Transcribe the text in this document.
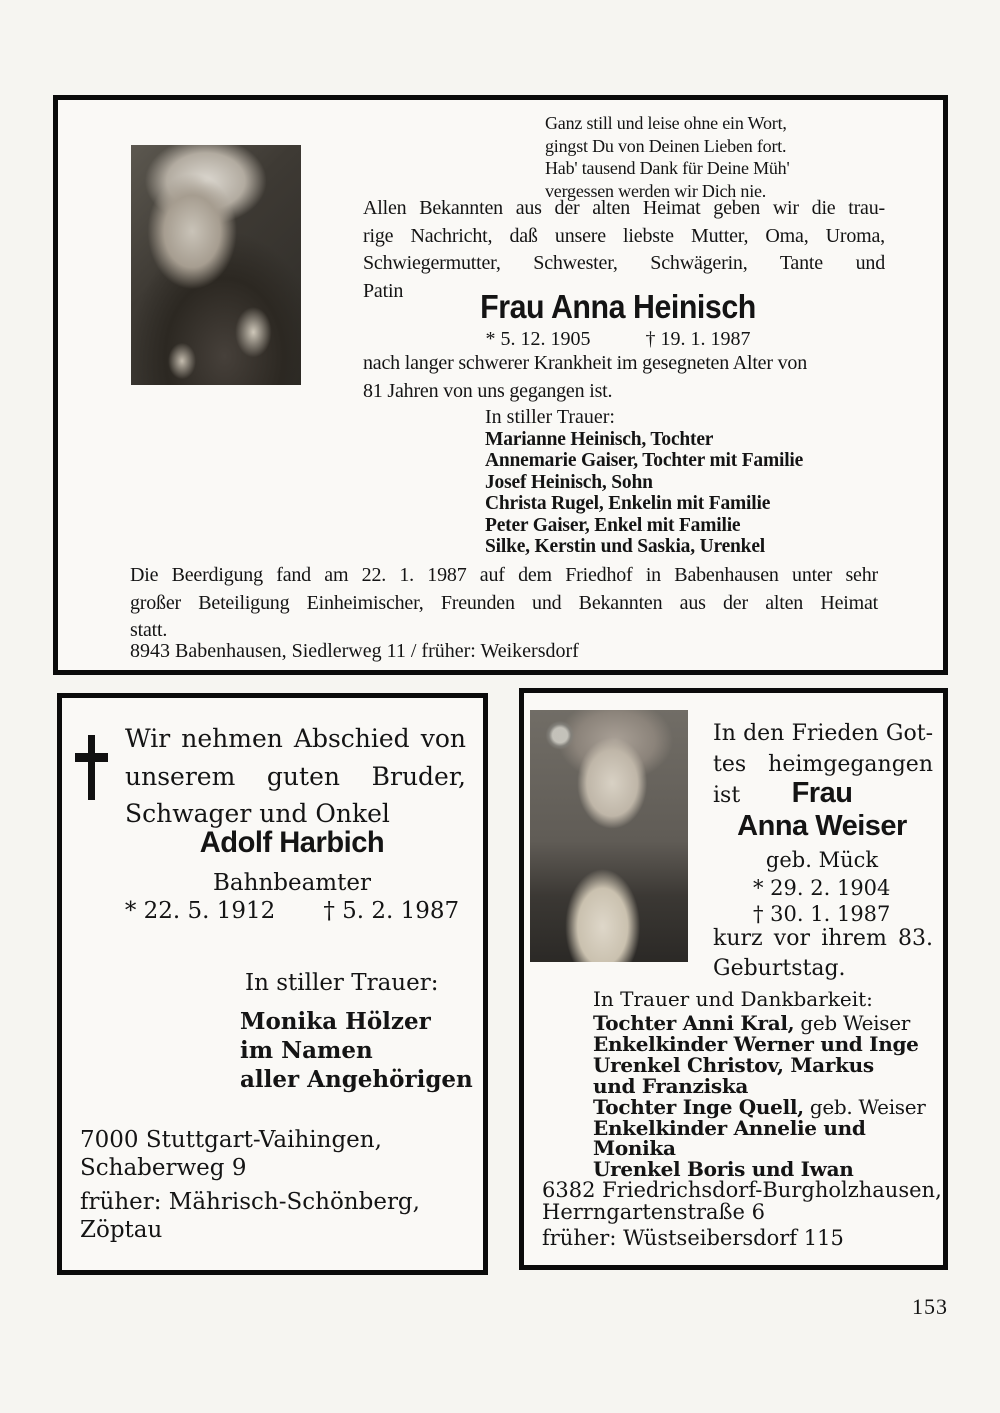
Ganz still und leise ohne ein Wort,
gingst Du von Deinen Lieben fort.
Hab' tausend Dank für Deine Müh'
vergessen werden wir Dich nie.
Allen Bekannten aus der alten Heimat geben wir die trau-
rige Nachricht, daß unsere liebste Mutter, Oma, Uroma,
Schwiegermutter, Schwester, Schwägerin, Tante und
Patin	Frau Anna Heinisch
* 5. 12. 1905	† 19. 1. 1987
nach langer schwerer Krankheit im gesegneten Alter von
81 Jahren von uns gegangen ist.
In stiller Trauer:
Marianne Heinisch, Tochter
Annemarie Gaiser, Tochter mit Familie
Josef Heinisch, Sohn
Christa Rugel, Enkelin mit Familie
Peter Gaiser, Enkel mit Familie
Silke, Kerstin und Saskia, Urenkel
Die Beerdigung fand am 22. 1. 1987 auf dem Friedhof in Babenhausen unter sehr
großer Beteiligung Einheimischer, Freunden und Bekannten aus der alten Heimat
statt.
8943 Babenhausen, Siedlerweg 11 / früher: Weikersdorf
Wir nehmen Abschied von
unserem guten Bruder,
Schwager und Onkel
Adolf Harbich
Bahnbeamter
* 22. 5. 1912 † 5. 2. 1987
In stiller Trauer:
Monika Hölzer
im Namen
aller Angehörigen
7000 Stuttgart-Vaihingen,
Schaberweg 9
früher: Mährisch-Schönberg,
Zöptau
In den Frieden Got-
tes heimgegangen ist	Frau
Anna Weiser
geb. Mück
* 29. 2. 1904
† 30. 1. 1987
kurz vor ihrem 83.
Geburtstag.
In Trauer und Dankbarkeit:
Tochter Anni Kral, geb Weiser
Enkelkinder Werner und Inge
Urenkel Christov, Markus
und Franziska
Tochter Inge Quell, geb. Weiser
Enkelkinder Annelie und Monika
Urenkel Boris und Iwan
6382 Friedrichsdorf-Burgholzhausen,
Herrngartenstraße 6
früher: Wüstseibersdorf 115
153
